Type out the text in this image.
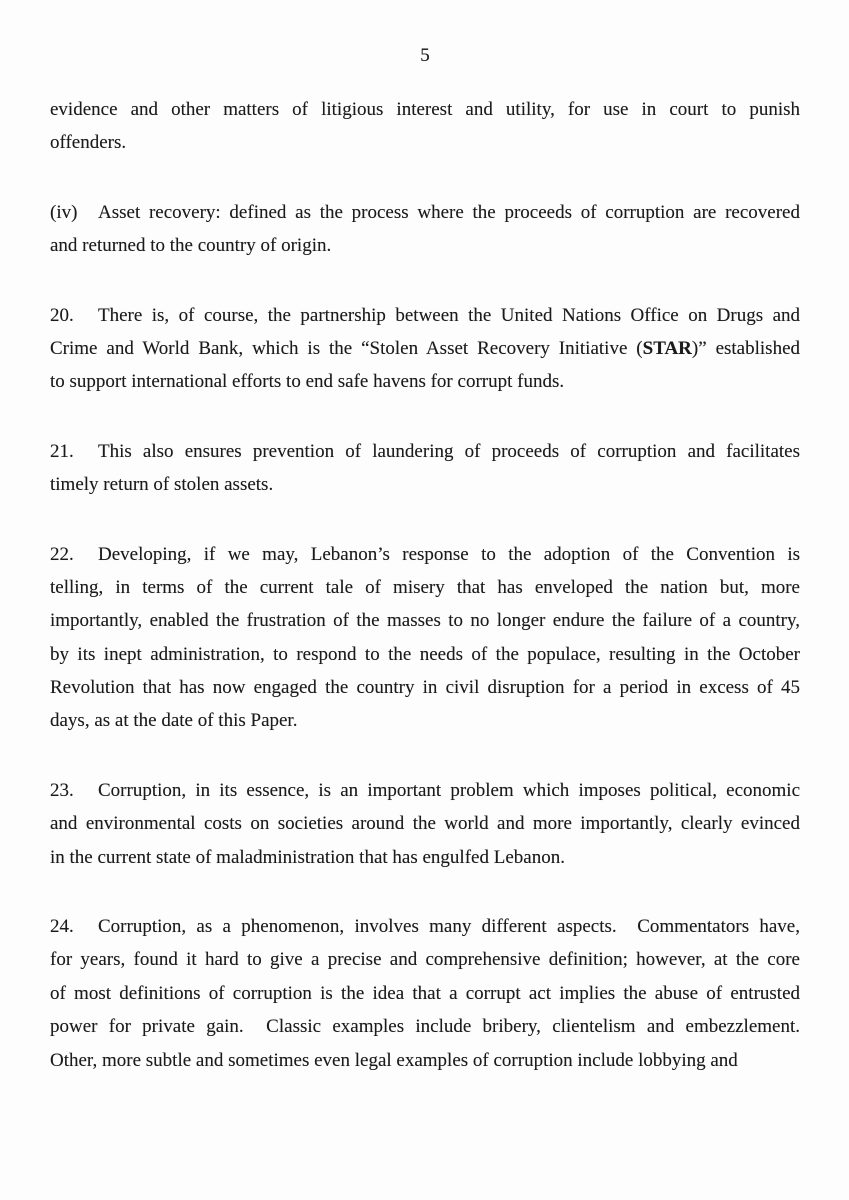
5
evidence and other matters of litigious interest and utility, for use in court to punish
offenders.
(iv) Asset recovery: defined as the process where the proceeds of corruption are recovered
and returned to the country of origin.
20. There is, of course, the partnership between the United Nations Office on Drugs and
Crime and World Bank, which is the “Stolen Asset Recovery Initiative (STAR)” established
to support international efforts to end safe havens for corrupt funds.
21. This also ensures prevention of laundering of proceeds of corruption and facilitates
timely return of stolen assets.
22. Developing, if we may, Lebanon’s response to the adoption of the Convention is
telling, in terms of the current tale of misery that has enveloped the nation but, more
importantly, enabled the frustration of the masses to no longer endure the failure of a country,
by its inept administration, to respond to the needs of the populace, resulting in the October
Revolution that has now engaged the country in civil disruption for a period in excess of 45
days, as at the date of this Paper.
23. Corruption, in its essence, is an important problem which imposes political, economic
and environmental costs on societies around the world and more importantly, clearly evinced
in the current state of maladministration that has engulfed Lebanon.
24. Corruption, as a phenomenon, involves many different aspects.  Commentators have,
for years, found it hard to give a precise and comprehensive definition; however, at the core
of most definitions of corruption is the idea that a corrupt act implies the abuse of entrusted
power for private gain.  Classic examples include bribery, clientelism and embezzlement.
Other, more subtle and sometimes even legal examples of corruption include lobbying and
